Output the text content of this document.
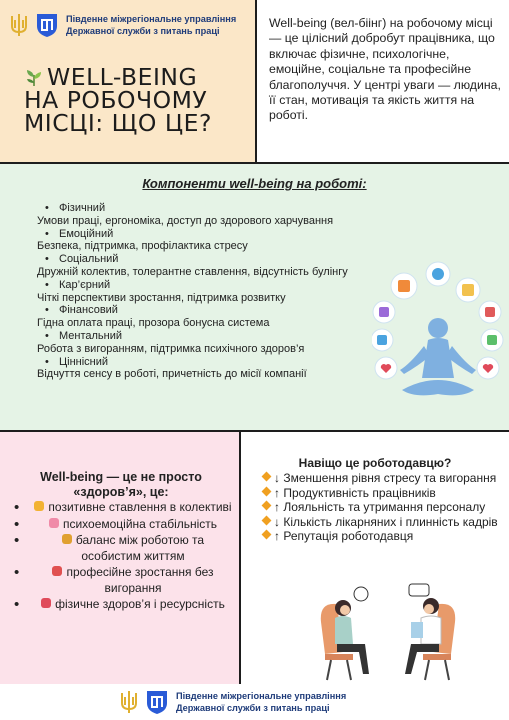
Південне міжрегіональне управління
Державної служби з питань праці
WELL-BEING
НА РОБОЧОМУ
МІСЦІ: ЩО ЦЕ?
Well-being (вел-біінг) на робочому місці — це цілісний добробут працівника, що включає фізичне, психологічне, емоційне, соціальне та професійне благополуччя. У центрі уваги — людина, її стан, мотивація та якість життя на роботі.
Компоненти well-being на роботі:
• Фізичний
Умови праці, ергономіка, доступ до здорового харчування
• Емоційний
Безпека, підтримка, профілактика стресу
• Соціальний
Дружній колектив, толерантне ставлення, відсутність булінгу
• Кар’єрний
Чіткі перспективи зростання, підтримка розвитку
• Фінансовий
Гідна оплата праці, прозора бонусна система
• Ментальний
Робота з вигоранням, підтримка психічного здоров’я
• Ціннісний
Відчуття сенсу в роботі, причетність до місії компанії
Well-being — це не просто «здоров’я», це:
• позитивне ставлення в колективі
• психоемоційна стабільність
• баланс між роботою та особистим життям
• професійне зростання без вигорання
• фізичне здоров’я і ресурсність
Навіщо це роботодавцю?
↓ Зменшення рівня стресу та вигорання
↑ Продуктивність працівників
↑ Лояльність та утримання персоналу
↓ Кількість лікарняних і плинність кадрів
↑ Репутація роботодавця
Південне міжрегіональне управління
Державної служби з питань праці
